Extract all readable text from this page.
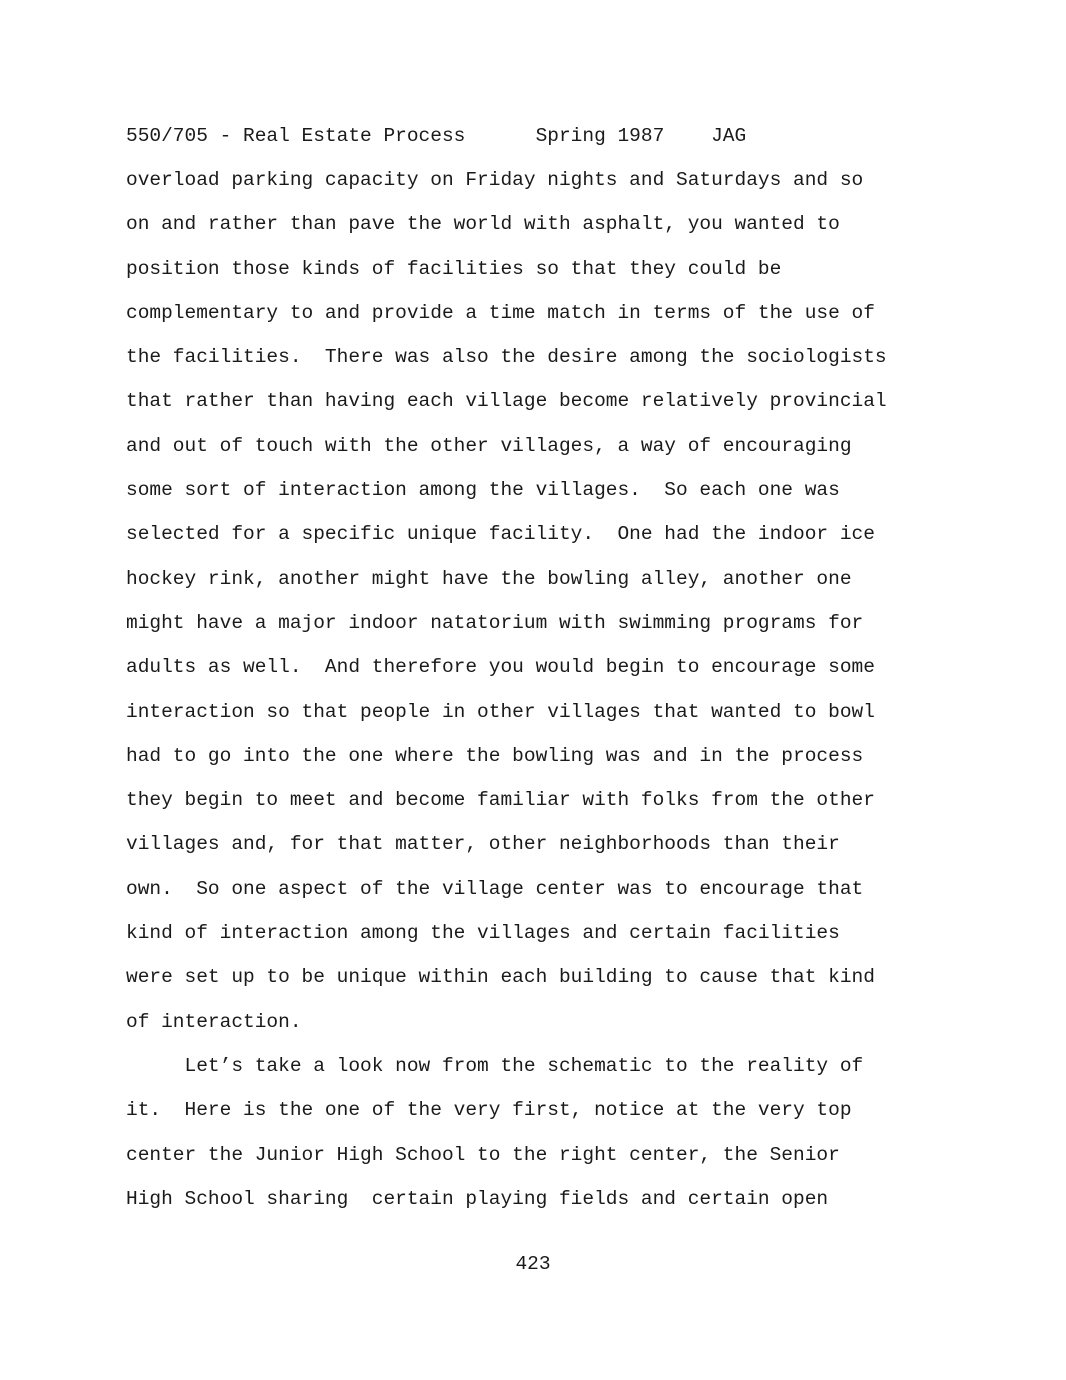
550/705 - Real Estate Process      Spring 1987    JAG
overload parking capacity on Friday nights and Saturdays and so
on and rather than pave the world with asphalt, you wanted to
position those kinds of facilities so that they could be
complementary to and provide a time match in terms of the use of
the facilities.  There was also the desire among the sociologists
that rather than having each village become relatively provincial
and out of touch with the other villages, a way of encouraging
some sort of interaction among the villages.  So each one was
selected for a specific unique facility.  One had the indoor ice
hockey rink, another might have the bowling alley, another one
might have a major indoor natatorium with swimming programs for
adults as well.  And therefore you would begin to encourage some
interaction so that people in other villages that wanted to bowl
had to go into the one where the bowling was and in the process
they begin to meet and become familiar with folks from the other
villages and, for that matter, other neighborhoods than their
own.  So one aspect of the village center was to encourage that
kind of interaction among the villages and certain facilities
were set up to be unique within each building to cause that kind
of interaction.
Let’s take a look now from the schematic to the reality of
it.  Here is the one of the very first, notice at the very top
center the Junior High School to the right center, the Senior
High School sharing  certain playing fields and certain open
423
